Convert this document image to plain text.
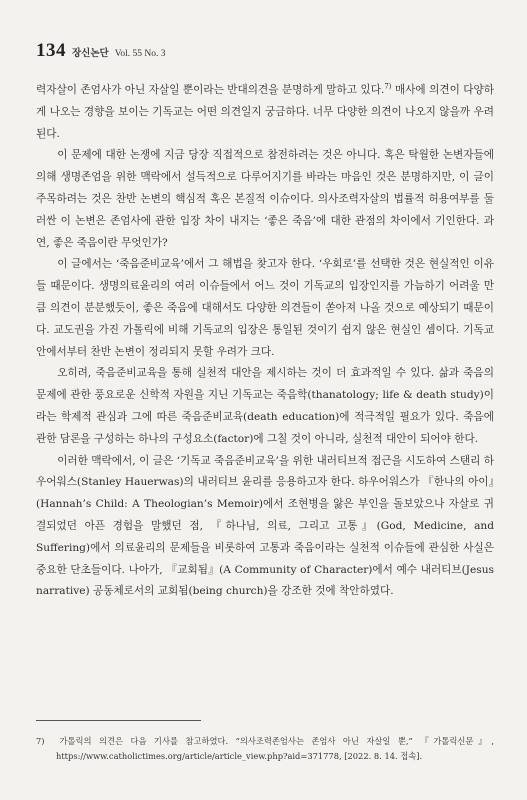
134 장신논단 Vol. 55 No. 3

력자살이 존엄사가 아닌 자살일 뿐이라는 반대의견을 분명하게 말하고 있다.$^{7)}$ 매사에 의견이 다양하게 나오는 경향을 보이는 기독교는 어떤 의견일지 궁금하다. 너무 다양한 의견이 나오지 않을까 우려된다.

이 문제에 대한 논쟁에 지금 당장 직접적으로 참전하려는 것은 아니다. 혹은 탁월한 논변자들에 의해 생명존엄을 위한 맥락에서 설득적으로 다루어지기를 바라는 마음인 것은 분명하지만, 이 글이 주목하려는 것은 찬반 논변의 핵심적 혹은 본질적 이슈이다. 의사조력자살의 법률적 허용여부를 둘러싼 이 논변은 존엄사에 관한 입장 차이 내지는 ‘좋은 죽음’에 대한 관점의 차이에서 기인한다. 과연, 좋은 죽음이란 무엇인가?

이 글에서는 ‘죽음준비교육’에서 그 해법을 찾고자 한다. ‘우회로’를 선택한 것은 현실적인 이유들 때문이다. 생명의료윤리의 여러 이슈들에서 어느 것이 기독교의 입장인지를 가늠하기 어려울 만큼 의견이 분분했듯이, 좋은 죽음에 대해서도 다양한 의견들이 쏟아져 나올 것으로 예상되기 때문이다. 교도권을 가진 가톨릭에 비해 기독교의 입장은 통일된 것이기 쉽지 않은 현실인 셈이다. 기독교 안에서부터 찬반 논변이 정리되지 못할 우려가 크다.

오히려, 죽음준비교육을 통해 실천적 대안을 제시하는 것이 더 효과적일 수 있다. 삶과 죽음의 문제에 관한 풍요로운 신학적 자원을 지닌 기독교는 죽음학(thanatology; life & death study)이라는 학제적 관심과 그에 따른 죽음준비교육(death education)에 적극적일 필요가 있다. 죽음에 관한 담론을 구성하는 하나의 구성요소(factor)에 그칠 것이 아니라, 실천적 대안이 되어야 한다.

이러한 맥락에서, 이 글은 ‘기독교 죽음준비교육’을 위한 내러티브적 접근을 시도하여 스탠리 하우어워스(Stanley Hauerwas)의 내러티브 윤리를 응용하고자 한다. 하우어워스가 『한나의 아이』(Hannah’s Child: A Theologian’s Memoir)에서 조현병을 앓은 부인을 돌보았으나 자살로 귀결되었던 아픈 경험을 말했던 점, 『하나님, 의료, 그리고 고통』(God, Medicine, and Suffering)에서 의료윤리의 문제들을 비롯하여 고통과 죽음이라는 실천적 이슈들에 관심한 사실은 중요한 단초들이다. 나아가, 『교회됨』(A Community of Character)에서 예수 내러티브(Jesus narrative) 공동체로서의 교회됨(being church)을 강조한 것에 착안하였다.

7) 가톨릭의 의견은 다음 기사를 참고하였다. “의사조력존엄사는 존엄사 아닌 자살일 뿐,” 『가톨릭신문』, https://www.catholictimes.org/article/article_view.php?aid=371778, [2022. 8. 14. 접속].
